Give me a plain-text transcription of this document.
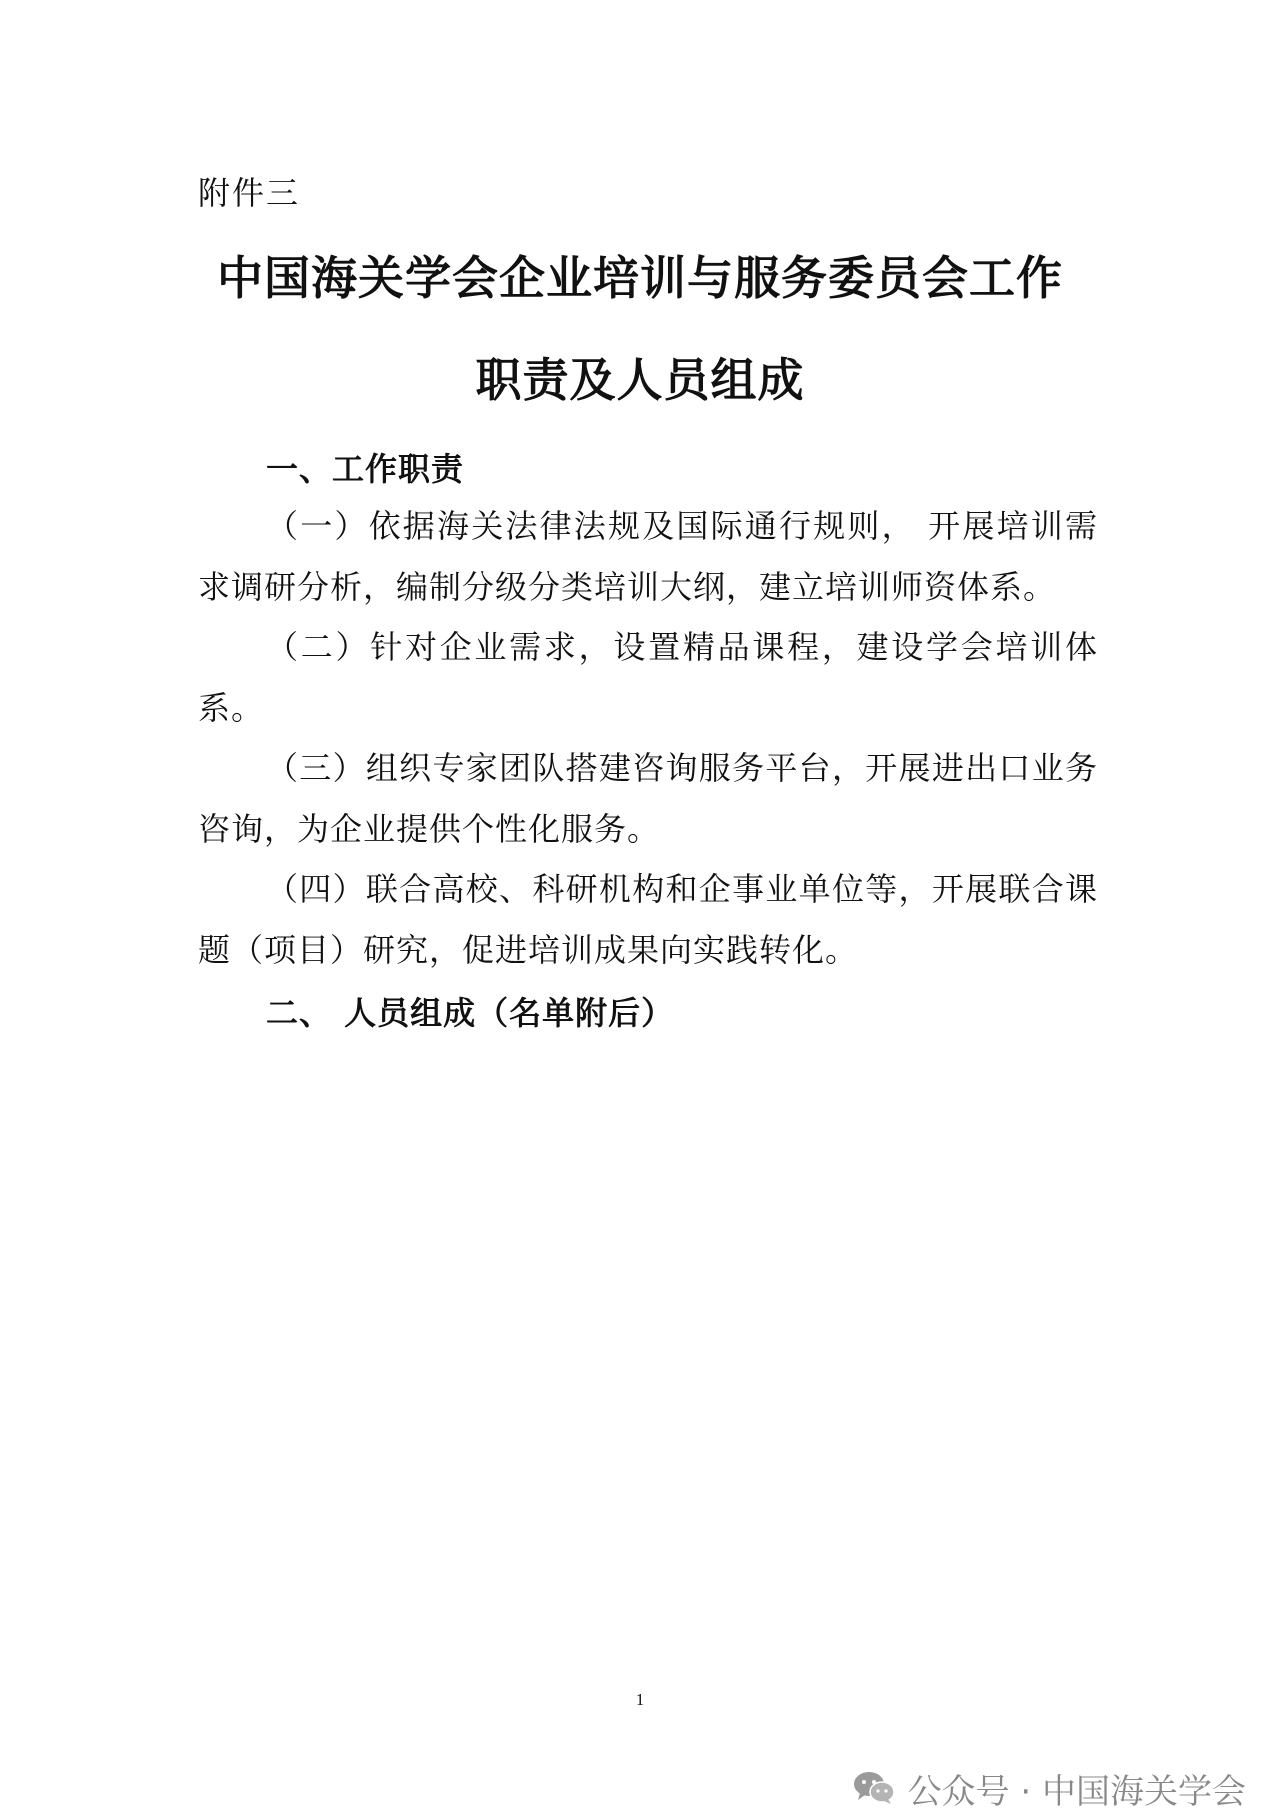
附件三
中国海关学会企业培训与服务委员会工作
职责及人员组成
一、工作职责
（一）依据海关法律法规及国际通行规则， 开展培训需求调研分析，编制分级分类培训大纲，建立培训师资体系。
（二）针对企业需求，设置精品课程，建设学会培训体系。
（三）组织专家团队搭建咨询服务平台，开展进出口业务咨询，为企业提供个性化服务。
（四）联合高校、科研机构和企事业单位等，开展联合课题（项目）研究，促进培训成果向实践转化。
二、 人员组成（名单附后）
1
公众号 · 中国海关学会
